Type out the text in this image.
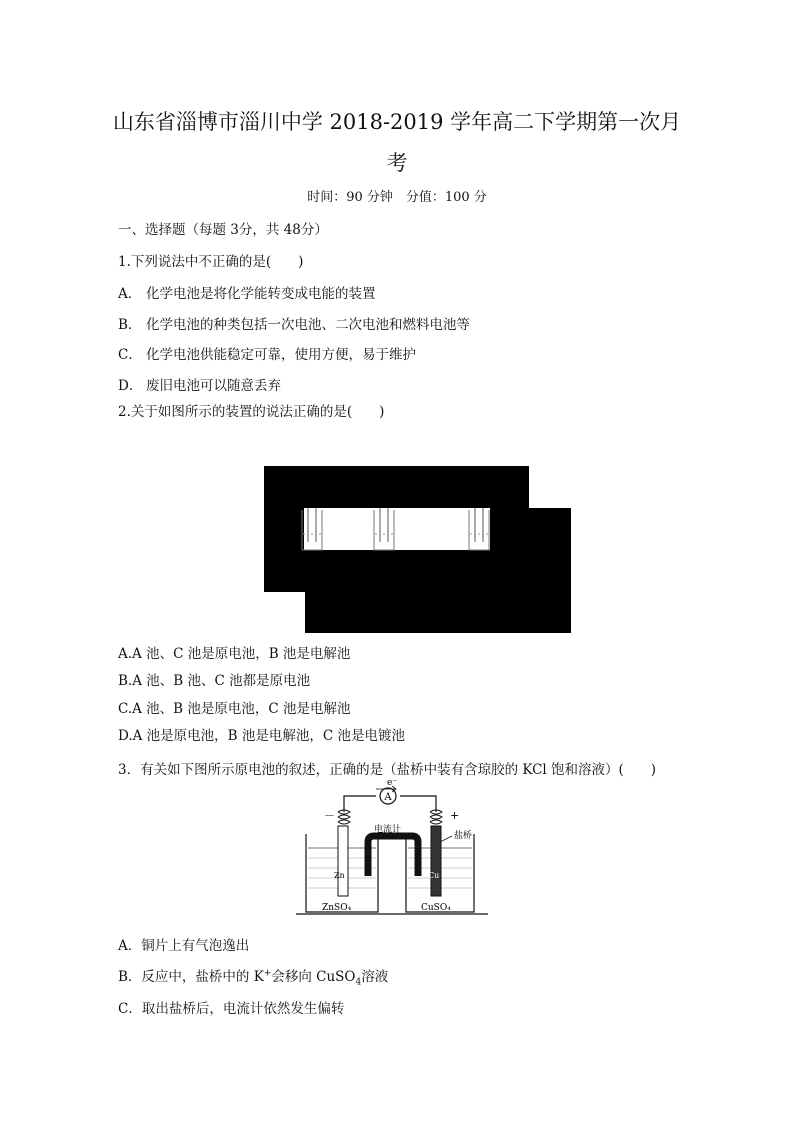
山东省淄博市淄川中学 2018-2019 学年高二下学期第一次月
考
时间：90 分钟　分值：100 分
一、选择题（每题 3分，共 48分）
1.下列说法中不正确的是(　　)
A． 化学电池是将化学能转变成电能的装置
B． 化学电池的种类包括一次电池、二次电池和燃料电池等
C． 化学电池供能稳定可靠，使用方便，易于维护
D． 废旧电池可以随意丢弃
2.关于如图所示的装置的说法正确的是(　　)
A.A 池、C 池是原电池，B 池是电解池
B.A 池、B 池、C 池都是原电池
C.A 池、B 池是原电池，C 池是电解池
D.A 池是原电池，B 池是电解池，C 池是电镀池
3．有关如下图所示原电池的叙述，正确的是（盐桥中装有含琼胶的 KCl 饱和溶液）(　　)
A
e⁻
－	+
电流计
盐桥
Zn	Cu
ZnSO₄	CuSO₄
A．铜片上有气泡逸出
B．反应中，盐桥中的 K+会移向 CuSO$_4$溶液
C．取出盐桥后，电流计依然发生偏转
